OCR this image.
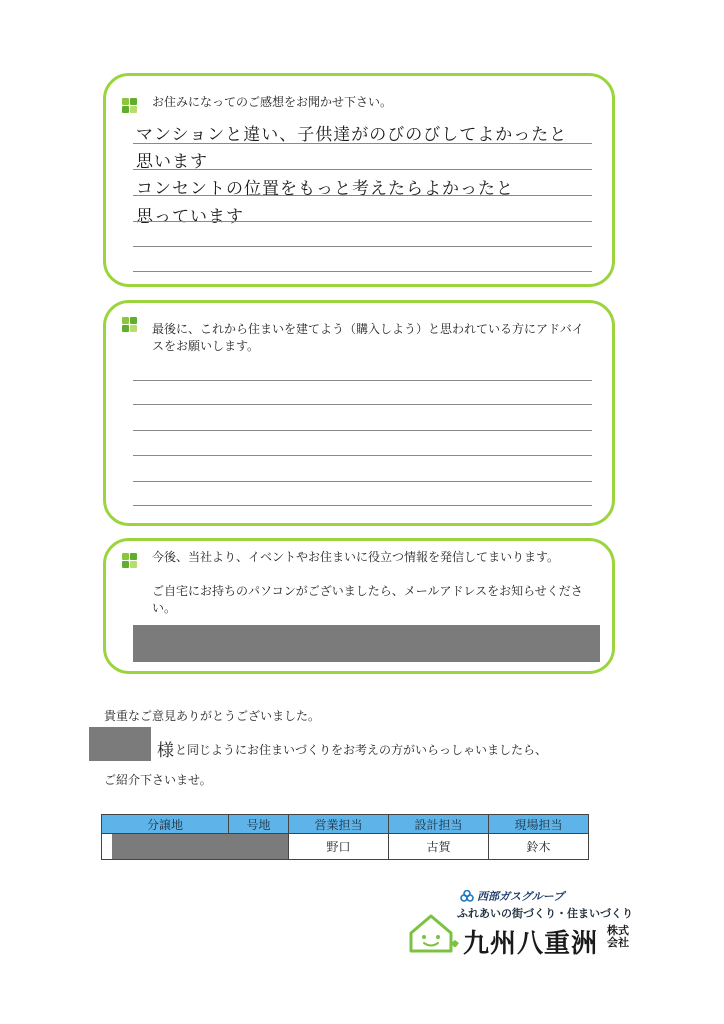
お住みになってのご感想をお聞かせ下さい。
マンションと違い、子供達がのびのびしてよかったと
思います
コンセントの位置をもっと考えたらよかったと
思っています
最後に、これから住まいを建てよう（購入しよう）と思われている方にアドバイスをお願いします。
今後、当社より、イベントやお住まいに役立つ情報を発信してまいります。
ご自宅にお持ちのパソコンがございましたら、メールアドレスをお知らせください。
貴重なご意見ありがとうございました。
様 と同じようにお住まいづくりをお考えの方がいらっしゃいましたら、
ご紹介下さいませ。
分譲地	号地	営業担当	設計担当	現場担当

		野口	古賀	鈴木
西部ガスグループ
ふれあいの街づくり・住まいづくり
九州八重洲 株式
会社
